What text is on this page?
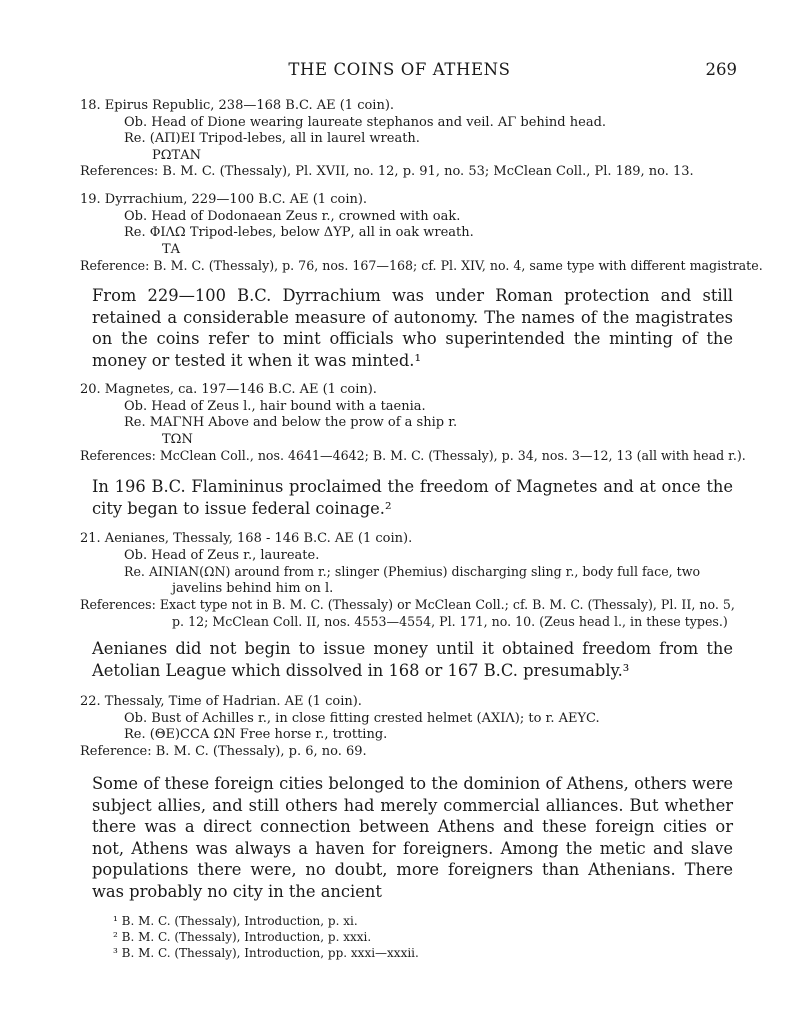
THE COINS OF ATHENS	269
18. Epirus Republic, 238—168 B.C. AE (1 coin).
Ob. Head of Dione wearing laureate stephanos and veil. ΑΓ behind head.
Re. (ΑΠ)ΕΙ Tripod-lebes, all in laurel wreath.
ΡΩΤΑΝ
References: B. M. C. (Thessaly), Pl. XVII, no. 12, p. 91, no. 53; McClean Coll., Pl. 189, no. 13.
19. Dyrrachium, 229—100 B.C. AE (1 coin).
Ob. Head of Dodonaean Zeus r., crowned with oak.
Re. ΦΙΛΩ Tripod-lebes, below ΔΥΡ, all in oak wreath.
ΤΑ
Reference: B. M. C. (Thessaly), p. 76, nos. 167—168; cf. Pl. XIV, no. 4, same type with different magistrate.

From 229—100 B.C. Dyrrachium was under Roman protection and still retained a considerable measure of autonomy. The names of the magistrates on the coins refer to mint officials who superintended the minting of the money or tested it when it was minted.¹

20. Magnetes, ca. 197—146 B.C. AE (1 coin).
Ob. Head of Zeus l., hair bound with a taenia.
Re. ΜΑΓΝΗ Above and below the prow of a ship r.
ΤΩΝ
References: McClean Coll., nos. 4641—4642; B. M. C. (Thessaly), p. 34, nos. 3—12, 13 (all with head r.).

In 196 B.C. Flamininus proclaimed the freedom of Magnetes and at once the city began to issue federal coinage.²

21. Aenianes, Thessaly, 168 - 146 B.C. AE (1 coin).
Ob. Head of Zeus r., laureate.
Re. ΑΙΝΙΑΝ(ΩΝ) around from r.; slinger (Phemius) discharging sling r., body full face, two
javelins behind him on l.
References: Exact type not in B. M. C. (Thessaly) or McClean Coll.; cf. B. M. C. (Thessaly), Pl. II, no. 5,
p. 12; McClean Coll. II, nos. 4553—4554, Pl. 171, no. 10. (Zeus head l., in these types.)

Aenianes did not begin to issue money until it obtained freedom from the Aetolian League which dissolved in 168 or 167 B.C. presumably.³

22. Thessaly, Time of Hadrian. AE (1 coin).
Ob. Bust of Achilles r., in close fitting crested helmet (ΑΧΙΛ); to r. ΑΕΥC.
Re. (ΘΕ)CCΑ ΩΝ Free horse r., trotting.
Reference: B. M. C. (Thessaly), p. 6, no. 69.

Some of these foreign cities belonged to the dominion of Athens, others were subject allies, and still others had merely commercial alliances. But whether there was a direct connection between Athens and these foreign cities or not, Athens was always a haven for foreigners. Among the metic and slave populations there were, no doubt, more foreigners than Athenians. There was probably no city in the ancient

¹ B. M. C. (Thessaly), Introduction, p. xi.
² B. M. C. (Thessaly), Introduction, p. xxxi.
³ B. M. C. (Thessaly), Introduction, pp. xxxi—xxxii.
